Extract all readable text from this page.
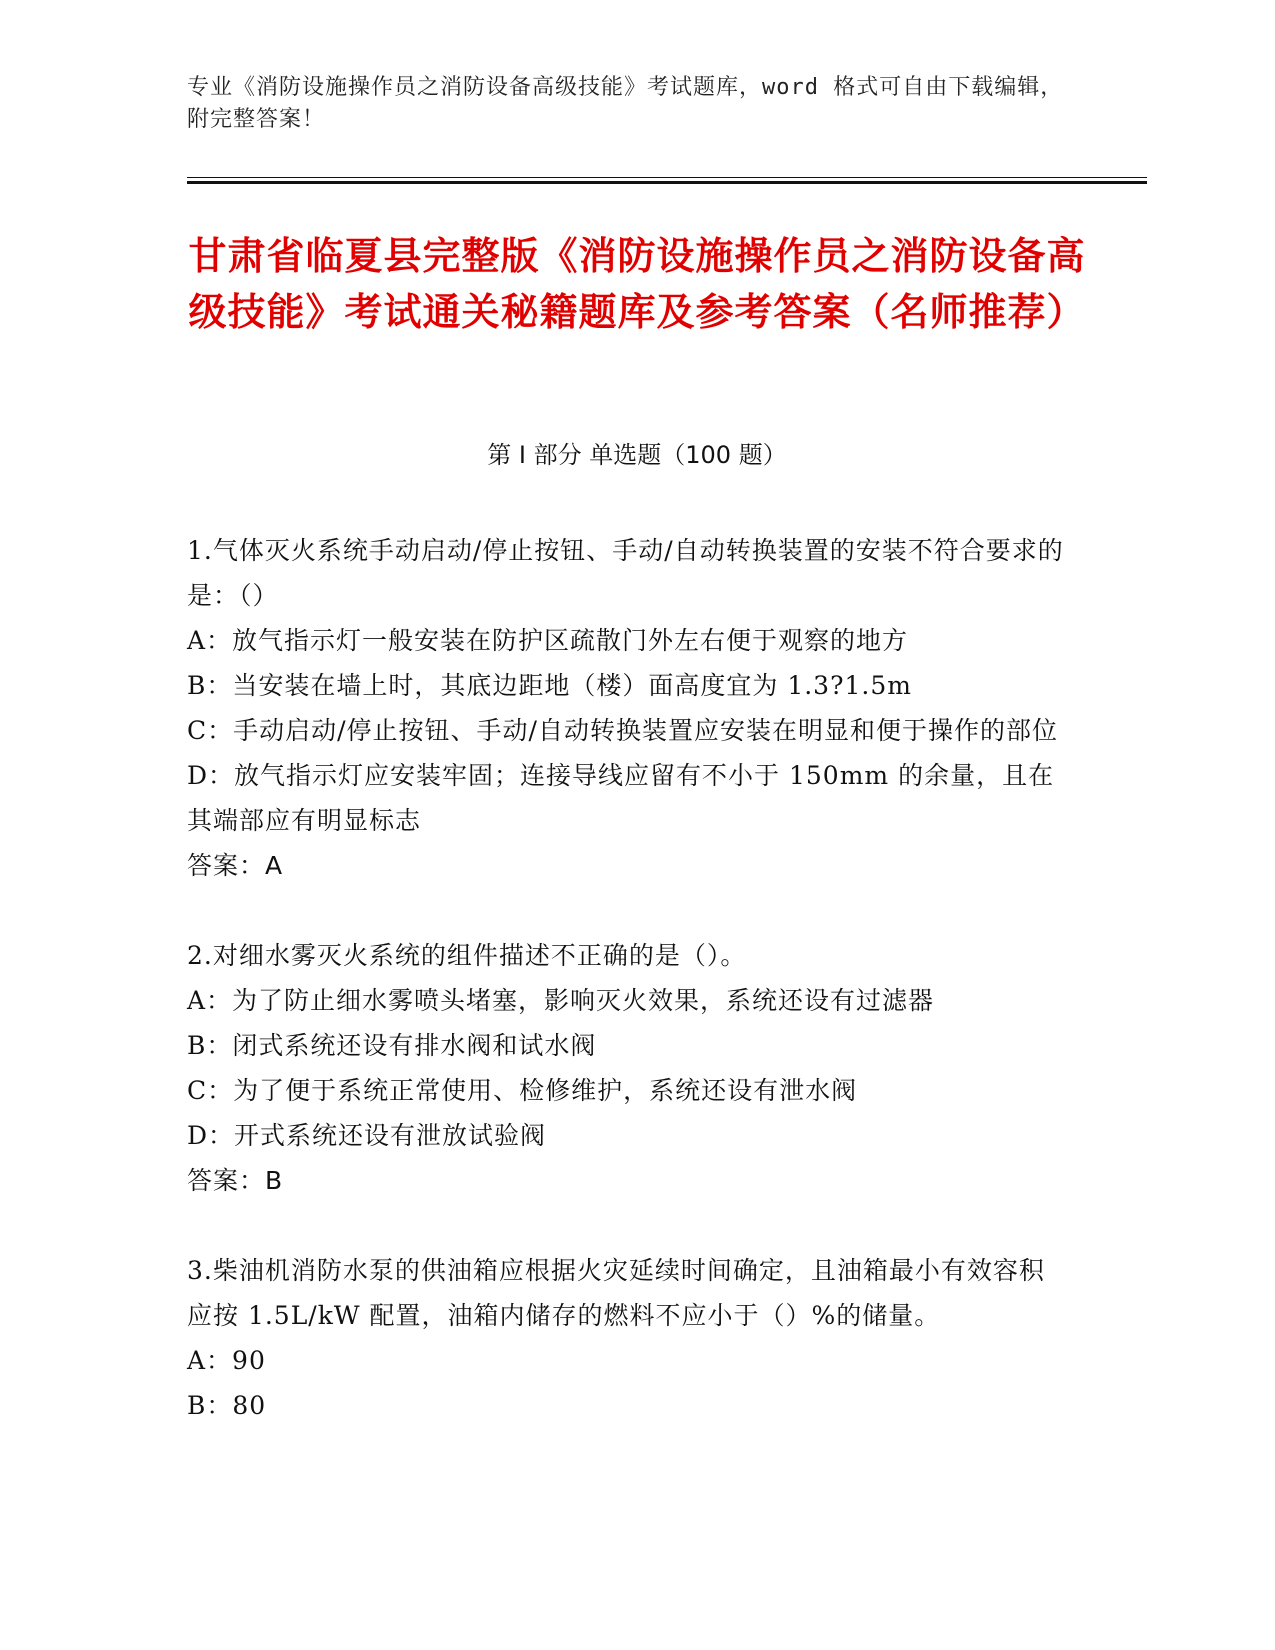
专业《消防设施操作员之消防设备高级技能》考试题库，word 格式可自由下载编辑，附完整答案！
甘肃省临夏县完整版《消防设施操作员之消防设备高级技能》考试通关秘籍题库及参考答案（名师推荐）
第 I 部分 单选题（100 题）

1.气体灭火系统手动启动/停止按钮、手动/自动转换装置的安装不符合要求的是：（）

A：放气指示灯一般安装在防护区疏散门外左右便于观察的地方

B：当安装在墙上时，其底边距地（楼）面高度宜为 1.3?1.5m

C：手动启动/停止按钮、手动/自动转换装置应安装在明显和便于操作的部位

D：放气指示灯应安装牢固；连接导线应留有不小于 150mm 的余量，且在其端部应有明显标志

答案：A

2.对细水雾灭火系统的组件描述不正确的是（）。

A：为了防止细水雾喷头堵塞，影响灭火效果，系统还设有过滤器

B：闭式系统还设有排水阀和试水阀

C：为了便于系统正常使用、检修维护，系统还设有泄水阀

D：开式系统还设有泄放试验阀

答案：B

3.柴油机消防水泵的供油箱应根据火灾延续时间确定，且油箱最小有效容积应按 1.5L/kW 配置，油箱内储存的燃料不应小于（）%的储量。

A：90

B：80
